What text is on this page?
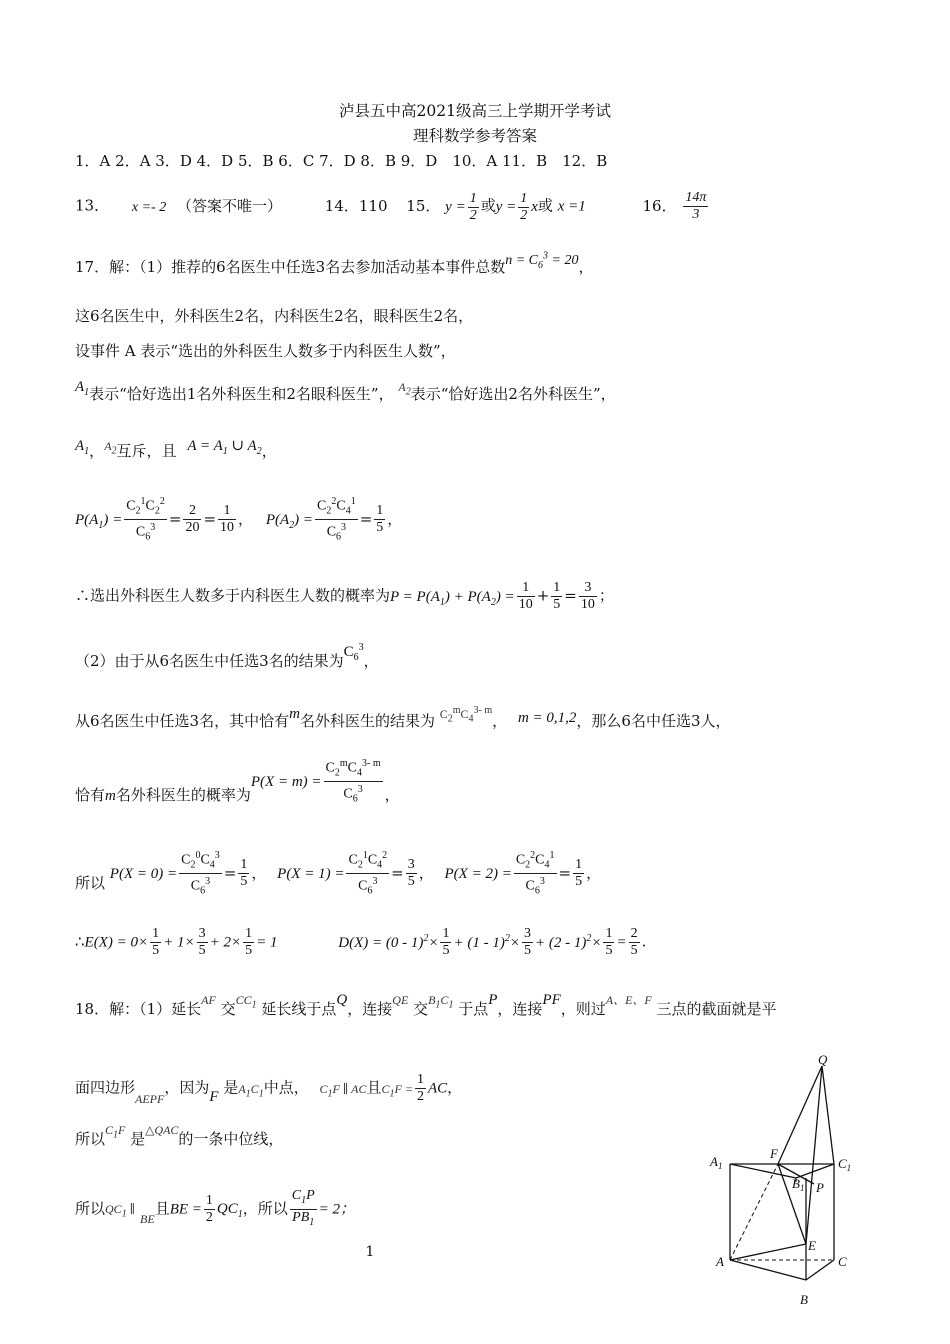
泸县五中高2021级高三上学期开学考试
理科数学参考答案
1．A 2．A 3．D 4．D 5．B 6．C 7．D 8．B 9．D　10．A 11．B　12．B
13． x =- 2 （答案不唯一）	14．110 15． $y = \frac{1}{2}$ 或$y = \frac{1}{2}$ x或 x =1	16． $\frac{14\pi}{3}$
17．解：（1）推荐的6名医生中任选3名去参加活动基本事件总数$n = C_6^3 = 20$，
这6名医生中，外科医生2名，内科医生2名，眼科医生2名，
设事件 A 表示“选出的外科医生人数多于内科医生人数”，
$A_1$表示“恰好选出1名外科医生和2名眼科医生”， $^{A_2}$表示“恰好选出2名外科医生”，
$A_1$，$^{A_2}$互斥，且 $A = A_1$ ∪ $A_2$，
$P(A_1) = \frac{C_2^1C_2^2}{C_6^3} = \frac{2}{20} = \frac{1}{10}$ ， $P(A_2) = \frac{C_2^2C_4^1}{C_6^3} = \frac{1}{5}$ ，
∴选出外科医生人数多于内科医生人数的概率为$P = P(A_1) + P(A_2) = \frac{1}{10} + \frac{1}{5} = \frac{3}{10}$ ；
（2）由于从6名医生中任选3名的结果为$C_6^3$，
从6名医生中任选3名，其中恰有m名外科医生的结果为 $^{C_2^mC_4^{3- m}}$， m = 0,1,2，那么6名中任选3人，
恰有m名外科医生的概率为$P(X = m) = \frac{C_2^mC_4^{3- m}}{C_6^3}$ ，
所以 $P(X = 0) = \frac{C_2^0C_4^3}{C_6^3} = \frac{1}{5}$ ， $P(X = 1) = \frac{C_2^1C_4^2}{C_6^3} = \frac{3}{5}$ ， $P(X = 2) = \frac{C_2^2C_4^1}{C_6^3} = \frac{1}{5}$ ，
∴E(X) = $0\times \frac{1}{5} + 1\times \frac{3}{5} + 2\times \frac{1}{5} = 1$	$D(X) = (0 - 1)^2\times \frac{1}{5} + (1 - 1)^2\times \frac{3}{5} + (2 - 1)^2\times \frac{1}{5} = \frac{2}{5}$ .
18．解：（1）延长$^{AF}$ 交$^{CC_1}$ 延长线于点Q，连接$^{QE}$ 交$^{B_1C_1}$ 于点P，连接PF，则过$^{A、E、F}$ 三点的截面就是平
面四边形$_{AEPF}$，因为F 是$A_1C_1$中点， $C_1F$ ∥ AC且$C_1F = \frac{1}{2}$ AC，
所以$^{C_1F}$ 是$^{\triangle QAC}$的一条中位线，
所以$QC_1$ ∥ $_{BE}$且BE = $\frac{1}{2} QC_1$，所以 $\frac{C_1P}{PB_1} = 2$；
1
Q
F
$C_1$
$A_1$
$B_1$ P
E
A	C
B
